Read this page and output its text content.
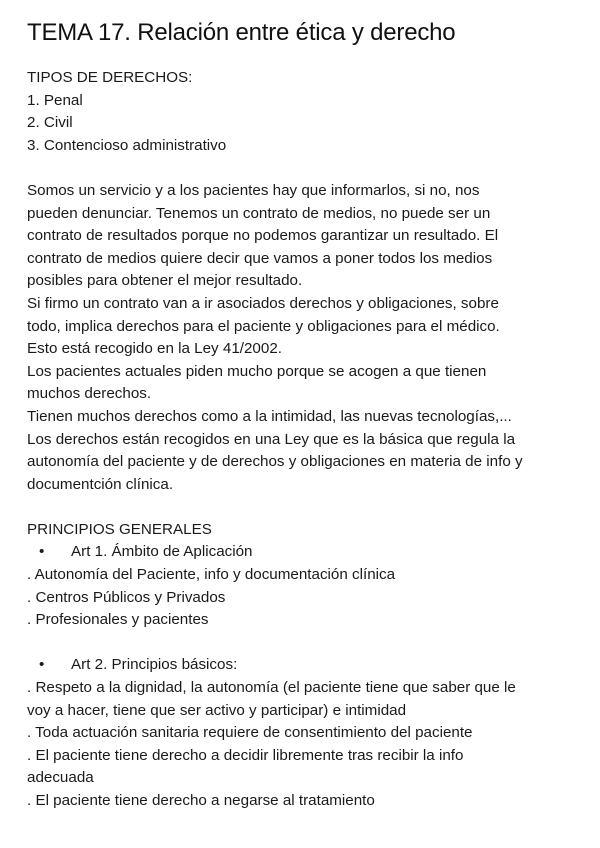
TEMA 17. Relación entre ética y derecho
TIPOS DE DERECHOS:
1. Penal
2. Civil
3. Contencioso administrativo
Somos un servicio y a los pacientes hay que informarlos, si no, nos
pueden denunciar. Tenemos un contrato de medios, no puede ser un
contrato de resultados porque no podemos garantizar un resultado. El
contrato de medios quiere decir que vamos a poner todos los medios
posibles para obtener el mejor resultado.
Si firmo un contrato van a ir asociados derechos y obligaciones, sobre
todo, implica derechos para el paciente y obligaciones para el médico.
Esto está recogido en la Ley 41/2002.
Los pacientes actuales piden mucho porque se acogen a que tienen
muchos derechos.
Tienen muchos derechos como a la intimidad, las nuevas tecnologías,...
Los derechos están recogidos en una Ley que es la básica que regula la
autonomía del paciente y de derechos y obligaciones en materia de info y
documentción clínica.
PRINCIPIOS GENERALES
• Art 1. Ámbito de Aplicación
. Autonomía del Paciente, info y documentación clínica
. Centros Públicos y Privados
. Profesionales y pacientes
• Art 2. Principios básicos:
. Respeto a la dignidad, la autonomía (el paciente tiene que saber que le
voy a hacer, tiene que ser activo y participar) e intimidad
. Toda actuación sanitaria requiere de consentimiento del paciente
. El paciente tiene derecho a decidir libremente tras recibir la info
adecuada
. El paciente tiene derecho a negarse al tratamiento
